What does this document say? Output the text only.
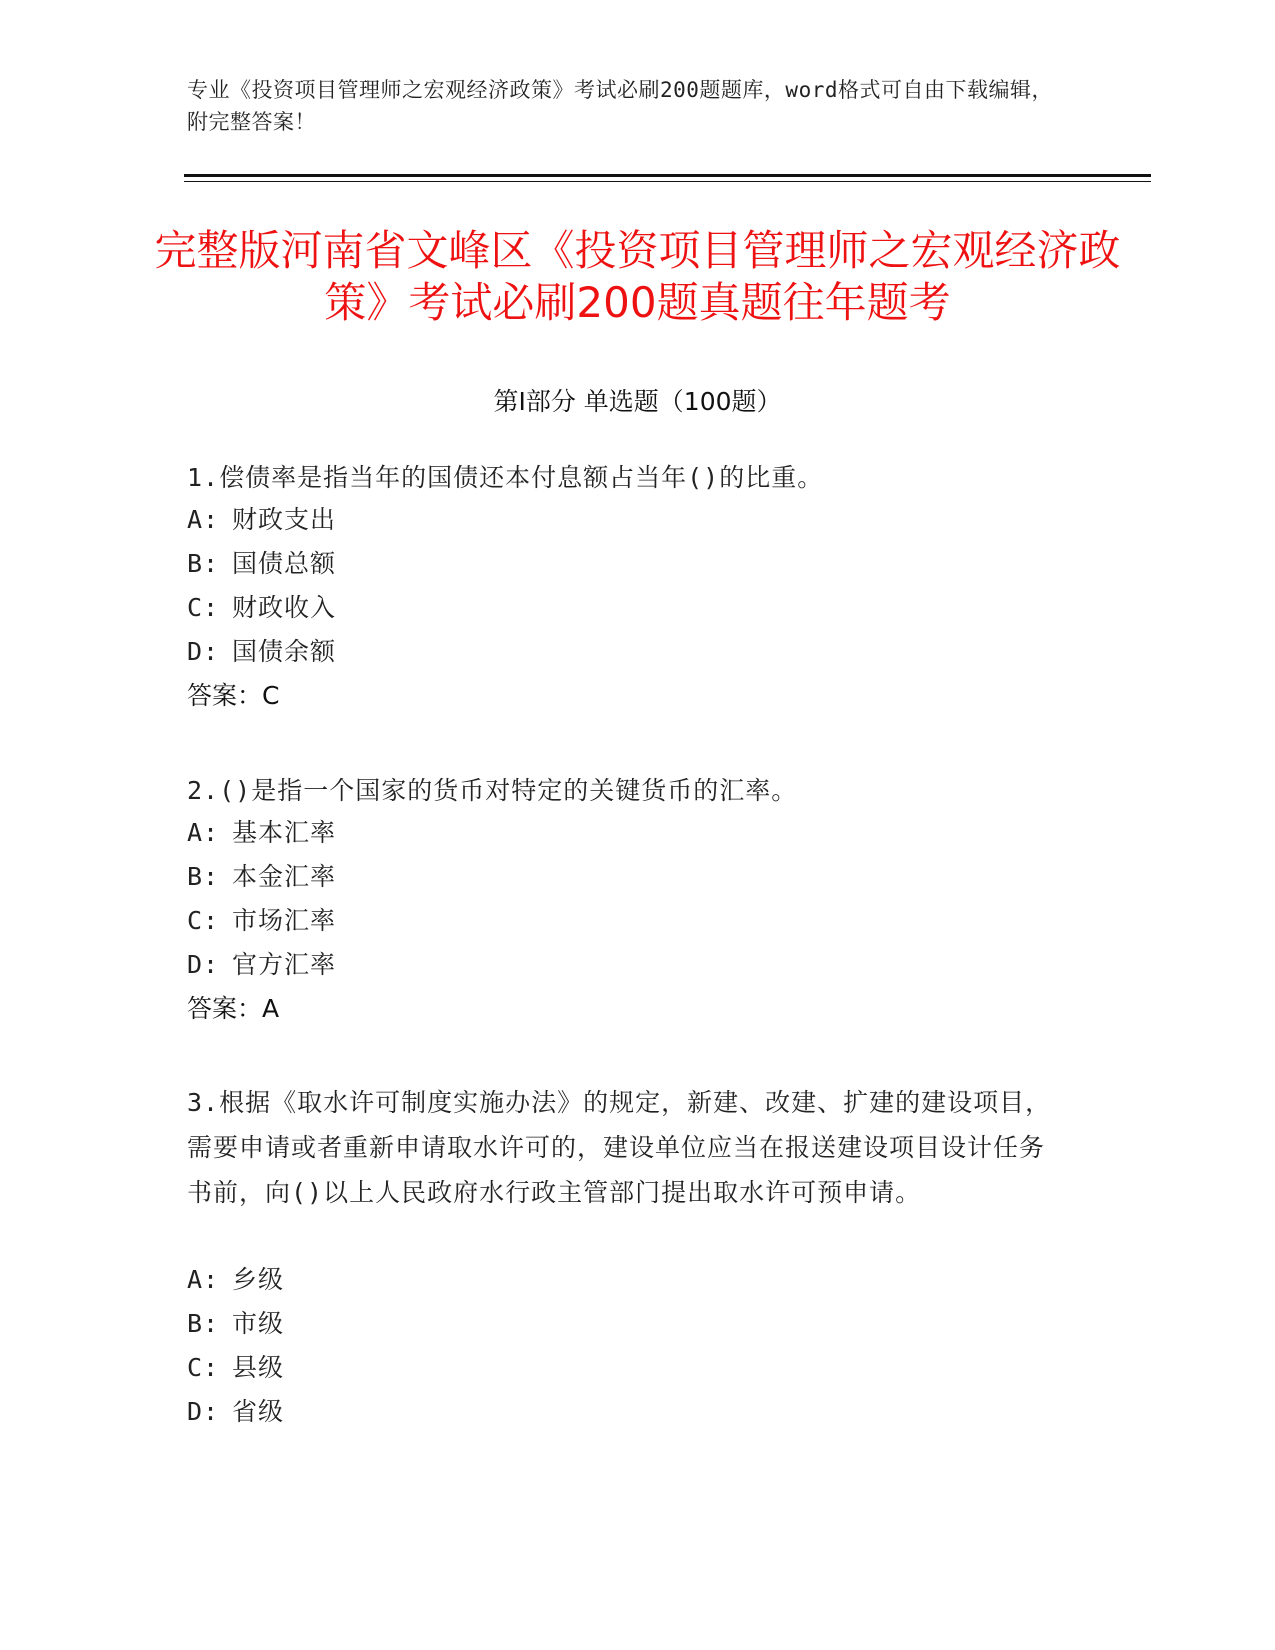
专业《投资项目管理师之宏观经济政策》考试必刷200题题库，word格式可自由下载编辑，附完整答案！
完整版河南省文峰区《投资项目管理师之宏观经济政策》考试必刷200题真题往年题考
第Ⅰ部分 单选题（100题）
1.偿债率是指当年的国债还本付息额占当年()的比重。
A: 财政支出
B: 国债总额
C: 财政收入
D: 国债余额
答案：C
2.()是指一个国家的货币对特定的关键货币的汇率。
A: 基本汇率
B: 本金汇率
C: 市场汇率
D: 官方汇率
答案：A
3.根据《取水许可制度实施办法》的规定，新建、改建、扩建的建设项目，需要申请或者重新申请取水许可的，建设单位应当在报送建设项目设计任务书前，向()以上人民政府水行政主管部门提出取水许可预申请。
A: 乡级
B: 市级
C: 县级
D: 省级
